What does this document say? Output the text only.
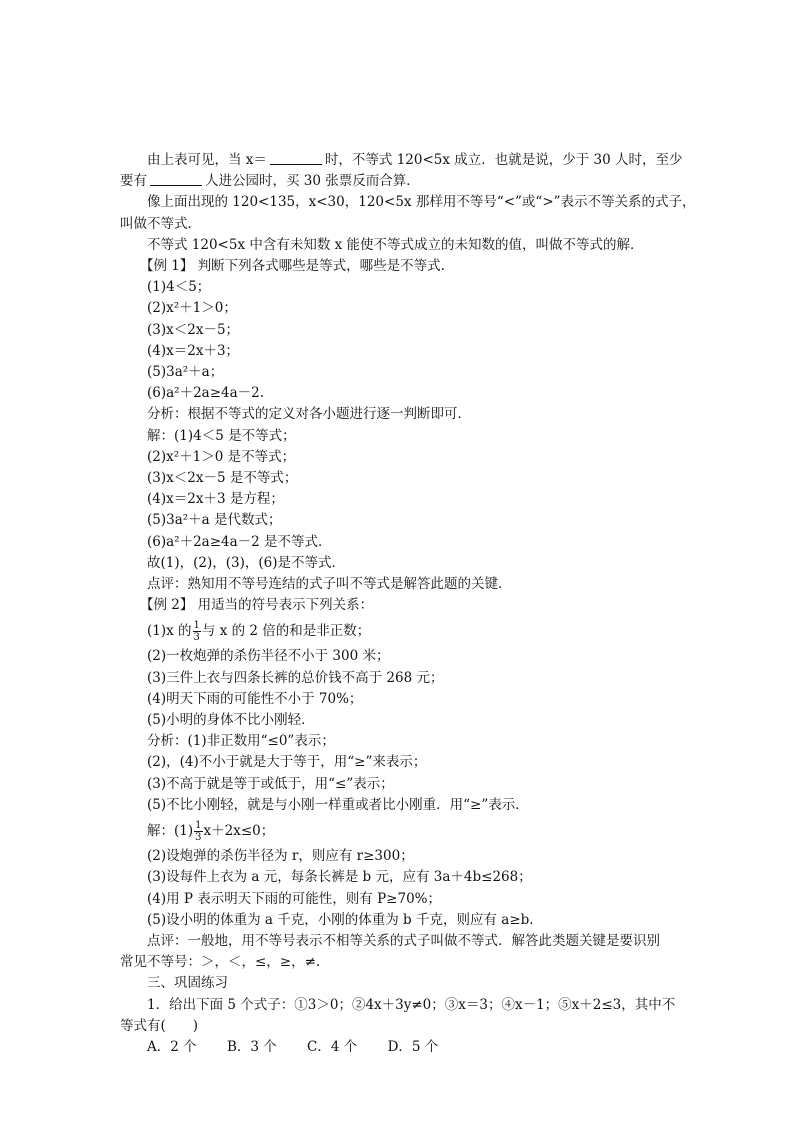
由上表可见，当 x＝	时，不等式 120<5x 成立．也就是说，少于 30 人时，至少
要有	人进公园时，买 30 张票反而合算．
像上面出现的 120<135，x<30，120<5x 那样用不等号“<”或“>”表示不等关系的式子，
叫做不等式．
不等式 120<5x 中含有未知数 x 能使不等式成立的未知数的值，叫做不等式的解．
【例 1】 判断下列各式哪些是等式，哪些是不等式.
(1)4＜5；
(2)x²＋1＞0；
(3)x＜2x－5；
(4)x＝2x＋3；
(5)3a²＋a；
(6)a²＋2a≥4a－2.
分析：根据不等式的定义对各小题进行逐一判断即可．
解：(1)4＜5 是不等式；
(2)x²＋1＞0 是不等式；
(3)x＜2x－5 是不等式；
(4)x＝2x＋3 是方程；
(5)3a²＋a 是代数式；
(6)a²＋2a≥4a－2 是不等式．
故(1)，(2)，(3)，(6)是不等式．
点评：熟知用不等号连结的式子叫不等式是解答此题的关键．
【例 2】 用适当的符号表示下列关系：
(1)x 的 $\frac{1}{3}$ 与 x 的 2 倍的和是非正数；
(2)一枚炮弹的杀伤半径不小于 300 米；
(3)三件上衣与四条长裤的总价钱不高于 268 元；
(4)明天下雨的可能性不小于 70%；
(5)小明的身体不比小刚轻．
分析：(1)非正数用“≤0”表示；
(2)，(4)不小于就是大于等于，用“≥”来表示；
(3)不高于就是等于或低于，用“≤”表示；
(5)不比小刚轻，就是与小刚一样重或者比小刚重．用“≥”表示．
解：$(1) \frac{1}{3} x+2x\le 0$；
(2)设炮弹的杀伤半径为 r，则应有 r≥300；
(3)设每件上衣为 a 元，每条长裤是 b 元，应有 3a＋4b≤268；
(4)用 P 表示明天下雨的可能性，则有 P≥70%；
(5)设小明的体重为 a 千克，小刚的体重为 b 千克，则应有 a≥b.
点评：一般地，用不等号表示不相等关系的式子叫做不等式．解答此类题关键是要识别
常见不等号：＞，＜，≤，≥，≠.
三、巩固练习
1．给出下面 5 个式子：①3＞0；②4x＋3y≠0；③x＝3；④x－1；⑤x＋2≤3，其中不
等式有(　　)
A．2 个 B．3 个 C．4 个 D．5 个
